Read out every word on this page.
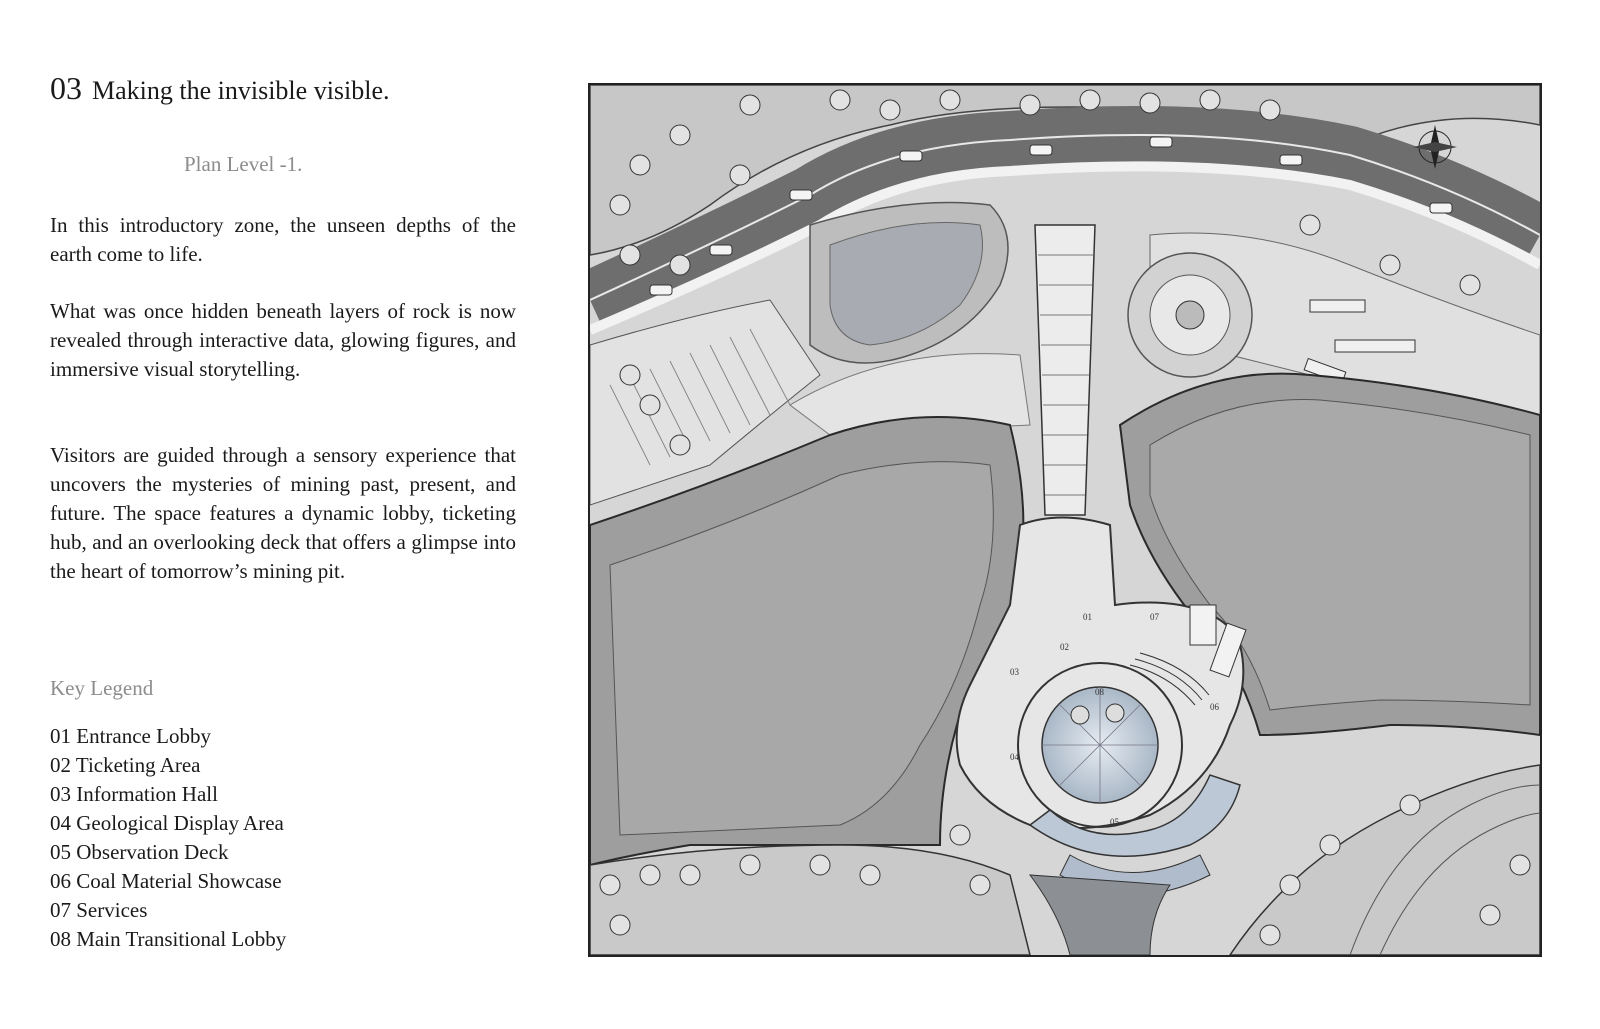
03 Making the invisible visible.
Plan Level -1.

In this introductory zone, the unseen depths of the earth come to life.

What was once hidden beneath layers of rock is now revealed through interactive data, glowing figures, and immersive visual storytelling.

Visitors are guided through a sensory experience that uncovers the mysteries of mining past, present, and future. The space features a dynamic lobby, ticketing hub, and an overlooking deck that offers a glimpse into the heart of tomorrow’s mining pit.

Key Legend
01 Entrance Lobby
02 Ticketing Area
03 Information Hall
04 Geological Display Area
05 Observation Deck
06 Coal Material Showcase
07 Services
08 Main Transitional Lobby
01
02
03
04
05
06
07
08
